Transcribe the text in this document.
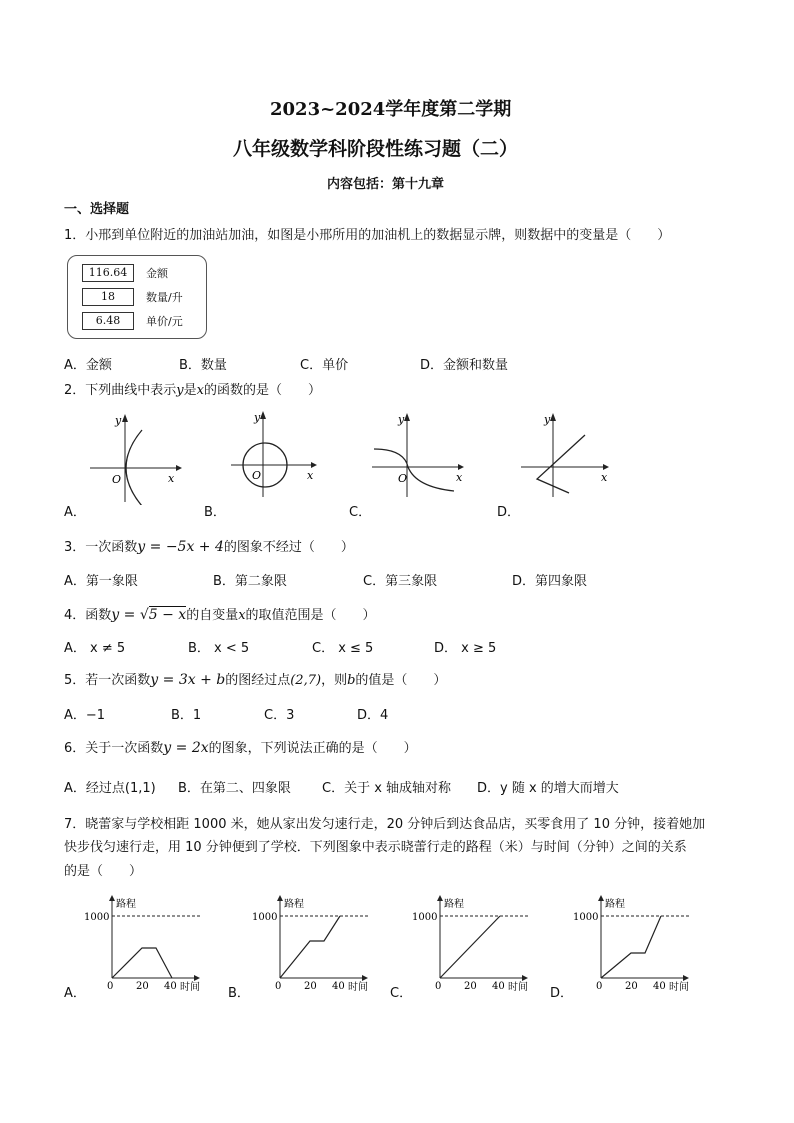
2023~2024学年度第二学期
八年级数学科阶段性练习题（二）
内容包括：第十九章
一、选择题
1．小邢到单位附近的加油站加油，如图是小邢所用的加油机上的数据显示牌，则数据中的变量是（　　）
116.64	金额
18	数量/升
6.48	单价/元
A．金额	B．数量	C．单价	D．金额和数量
2．下列曲线中表示y是x的函数的是（　　）
y
x
O
y
x
O
y
x
O
y
x
A．	B．	C．	D．
3．一次函数y = −5x + 4的图象不经过（　　）
A．第一象限	B．第二象限	C．第三象限	D．第四象限
4．函数y = √5 − x的自变量x的取值范围是（　　）
A． x ≠ 5	B． x < 5	C． x ≤ 5	D． x ≥ 5
5．若一次函数y = 3x + b的图经过点(2,7)，则b的值是（　　）
A．−1	B．1	C．3	D．4
6．关于一次函数y = 2x的图象，下列说法正确的是（　　）
A．经过点(1,1) B．在第二、四象限 C．关于 x 轴成轴对称 D．y 随 x 的增大而增大
7．晓蕾家与学校相距 1000 米，她从家出发匀速行走，20 分钟后到达食品店，买零食用了 10 分钟，接着她加
快步伐匀速行走，用 10 分钟便到了学校．下列图象中表示晓蕾行走的路程（米）与时间（分钟）之间的关系
的是（　　）
路程
1000
0 20 40 时间
路程
1000
0 20 40 时间
路程
1000
0 20 40 时间
路程
1000
0 20 40 时间
A．	B．	C．	D．
